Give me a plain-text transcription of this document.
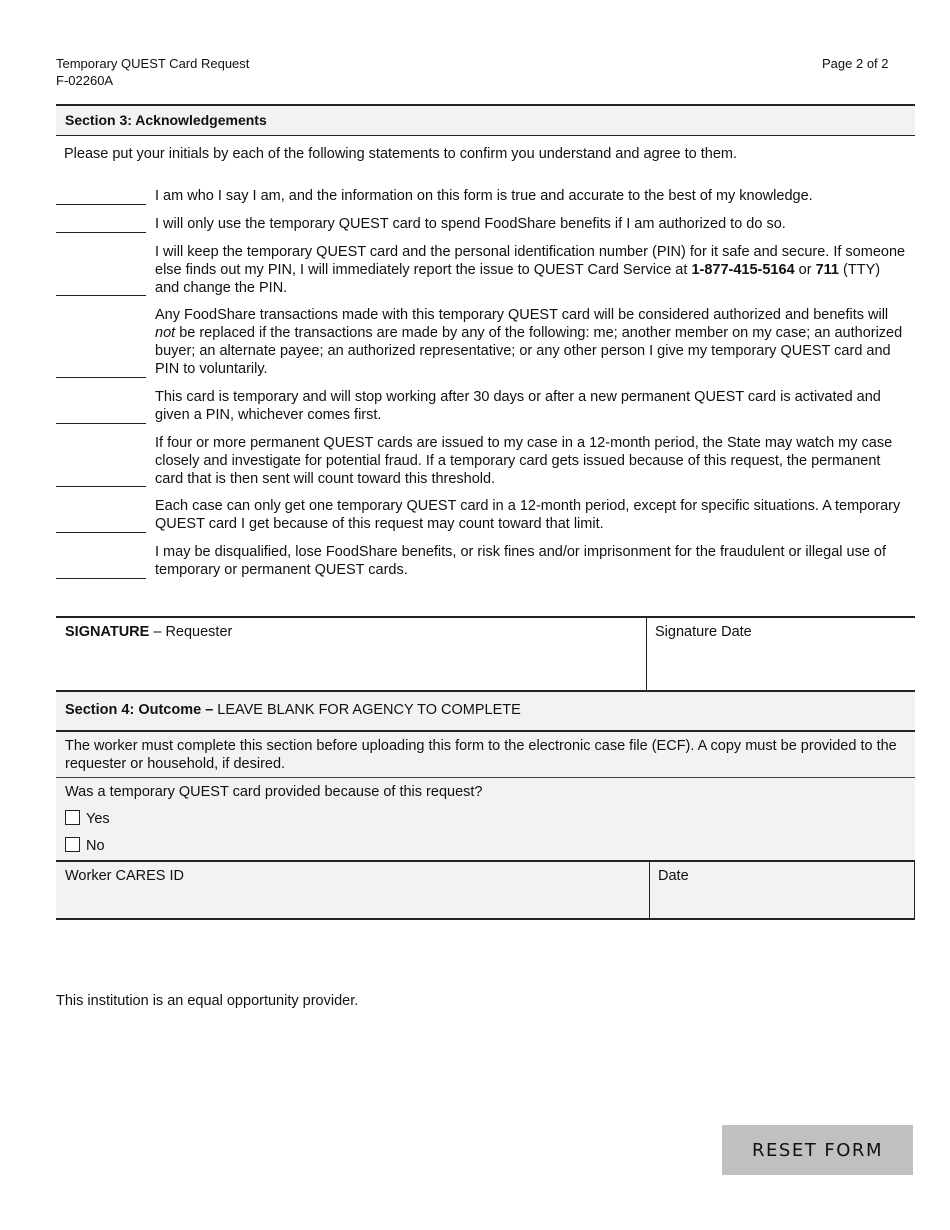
Temporary QUEST Card Request
F-02260A
Page 2 of 2
Section 3: Acknowledgements
Please put your initials by each of the following statements to confirm you understand and agree to them.
I am who I say I am, and the information on this form is true and accurate to the best of my knowledge.
I will only use the temporary QUEST card to spend FoodShare benefits if I am authorized to do so.
I will keep the temporary QUEST card and the personal identification number (PIN) for it safe and secure. If someone else finds out my PIN, I will immediately report the issue to QUEST Card Service at 1-877-415-5164 or 711 (TTY) and change the PIN.
Any FoodShare transactions made with this temporary QUEST card will be considered authorized and benefits will not be replaced if the transactions are made by any of the following: me; another member on my case; an authorized buyer; an alternate payee; an authorized representative; or any other person I give my temporary QUEST card and PIN to voluntarily.
This card is temporary and will stop working after 30 days or after a new permanent QUEST card is activated and given a PIN, whichever comes first.
If four or more permanent QUEST cards are issued to my case in a 12-month period, the State may watch my case closely and investigate for potential fraud. If a temporary card gets issued because of this request, the permanent card that is then sent will count toward this threshold.
Each case can only get one temporary QUEST card in a 12-month period, except for specific situations. A temporary QUEST card I get because of this request may count toward that limit.
I may be disqualified, lose FoodShare benefits, or risk fines and/or imprisonment for the fraudulent or illegal use of temporary or permanent QUEST cards.
SIGNATURE – Requester	Signature Date
Section 4: Outcome – LEAVE BLANK FOR AGENCY TO COMPLETE
The worker must complete this section before uploading this form to the electronic case file (ECF). A copy must be provided to the requester or household, if desired.
Was a temporary QUEST card provided because of this request?
Yes
No
Worker CARES ID	Date
This institution is an equal opportunity provider.
RESET FORM
